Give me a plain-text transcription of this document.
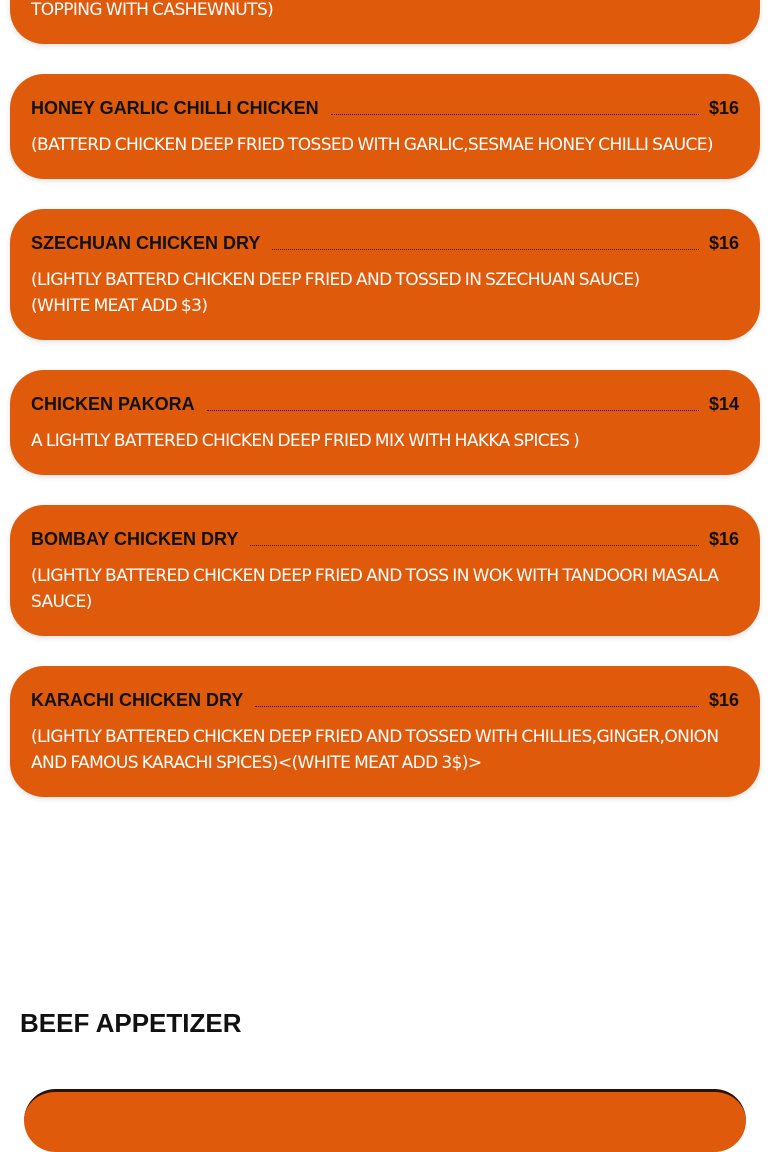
TOPPING WITH CASHEWNUTS)
HONEY GARLIC CHILLI CHICKEN	$16
(BATTERD CHICKEN DEEP FRIED TOSSED WITH GARLIC,SESMAE HONEY CHILLI SAUCE)
SZECHUAN CHICKEN DRY	$16
(LIGHTLY BATTERD CHICKEN DEEP FRIED AND TOSSED IN SZECHUAN SAUCE)
(WHITE MEAT ADD $3)
CHICKEN PAKORA	$14
A LIGHTLY BATTERED CHICKEN DEEP FRIED MIX WITH HAKKA SPICES )
BOMBAY CHICKEN DRY	$16
(LIGHTLY BATTERED CHICKEN DEEP FRIED AND TOSS IN WOK WITH TANDOORI MASALA SAUCE)
KARACHI CHICKEN DRY	$16
(LIGHTLY BATTERED CHICKEN DEEP FRIED AND TOSSED WITH CHILLIES,GINGER,ONION AND FAMOUS KARACHI SPICES)<(WHITE MEAT ADD 3$)>
BEEF APPETIZER
